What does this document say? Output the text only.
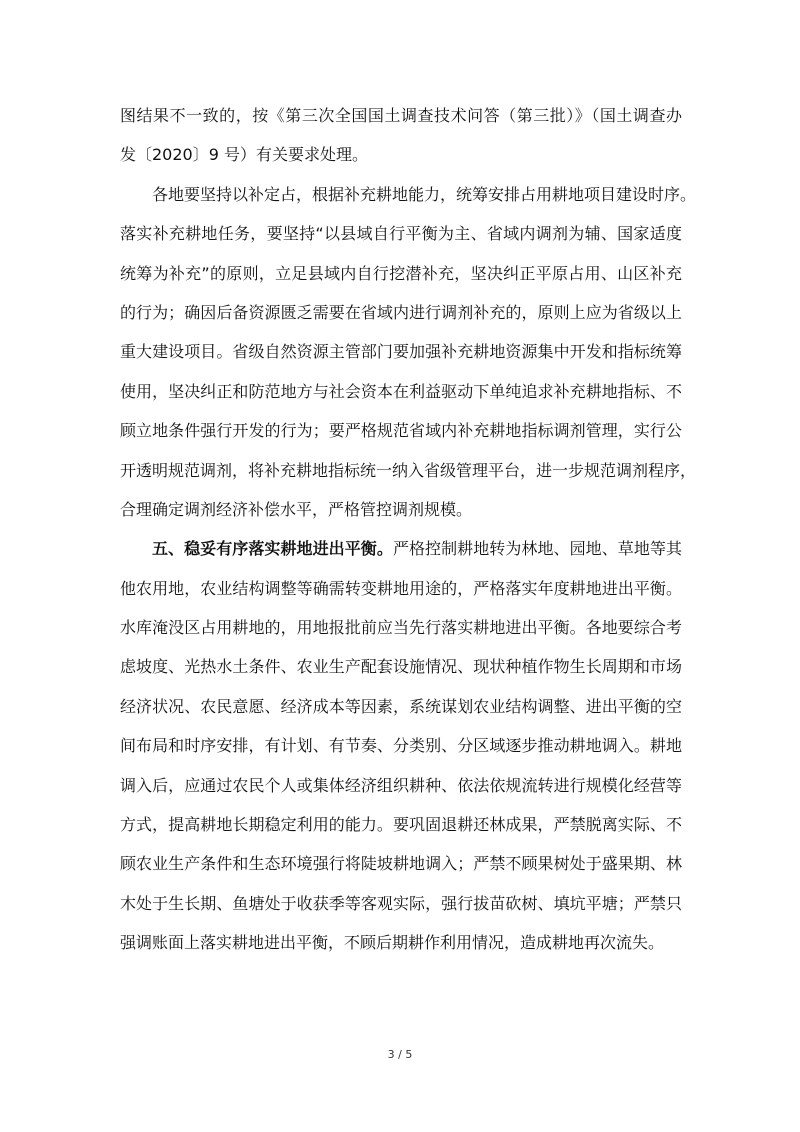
图结果不一致的，按《第三次全国国土调查技术问答（第三批）》（国土调查办
发〔2020〕9 号）有关要求处理。
各地要坚持以补定占，根据补充耕地能力，统筹安排占用耕地项目建设时序。
落实补充耕地任务，要坚持“以县域自行平衡为主、省域内调剂为辅、国家适度
统筹为补充”的原则，立足县域内自行挖潜补充，坚决纠正平原占用、山区补充
的行为；确因后备资源匮乏需要在省域内进行调剂补充的，原则上应为省级以上
重大建设项目。省级自然资源主管部门要加强补充耕地资源集中开发和指标统筹
使用，坚决纠正和防范地方与社会资本在利益驱动下单纯追求补充耕地指标、不
顾立地条件强行开发的行为；要严格规范省域内补充耕地指标调剂管理，实行公
开透明规范调剂，将补充耕地指标统一纳入省级管理平台，进一步规范调剂程序，
合理确定调剂经济补偿水平，严格管控调剂规模。
五、稳妥有序落实耕地进出平衡。严格控制耕地转为林地、园地、草地等其
他农用地，农业结构调整等确需转变耕地用途的，严格落实年度耕地进出平衡。
水库淹没区占用耕地的，用地报批前应当先行落实耕地进出平衡。各地要综合考
虑坡度、光热水土条件、农业生产配套设施情况、现状种植作物生长周期和市场
经济状况、农民意愿、经济成本等因素，系统谋划农业结构调整、进出平衡的空
间布局和时序安排，有计划、有节奏、分类别、分区域逐步推动耕地调入。耕地
调入后，应通过农民个人或集体经济组织耕种、依法依规流转进行规模化经营等
方式，提高耕地长期稳定利用的能力。要巩固退耕还林成果，严禁脱离实际、不
顾农业生产条件和生态环境强行将陡坡耕地调入；严禁不顾果树处于盛果期、林
木处于生长期、鱼塘处于收获季等客观实际，强行拔苗砍树、填坑平塘；严禁只
强调账面上落实耕地进出平衡，不顾后期耕作利用情况，造成耕地再次流失。
3 / 5
